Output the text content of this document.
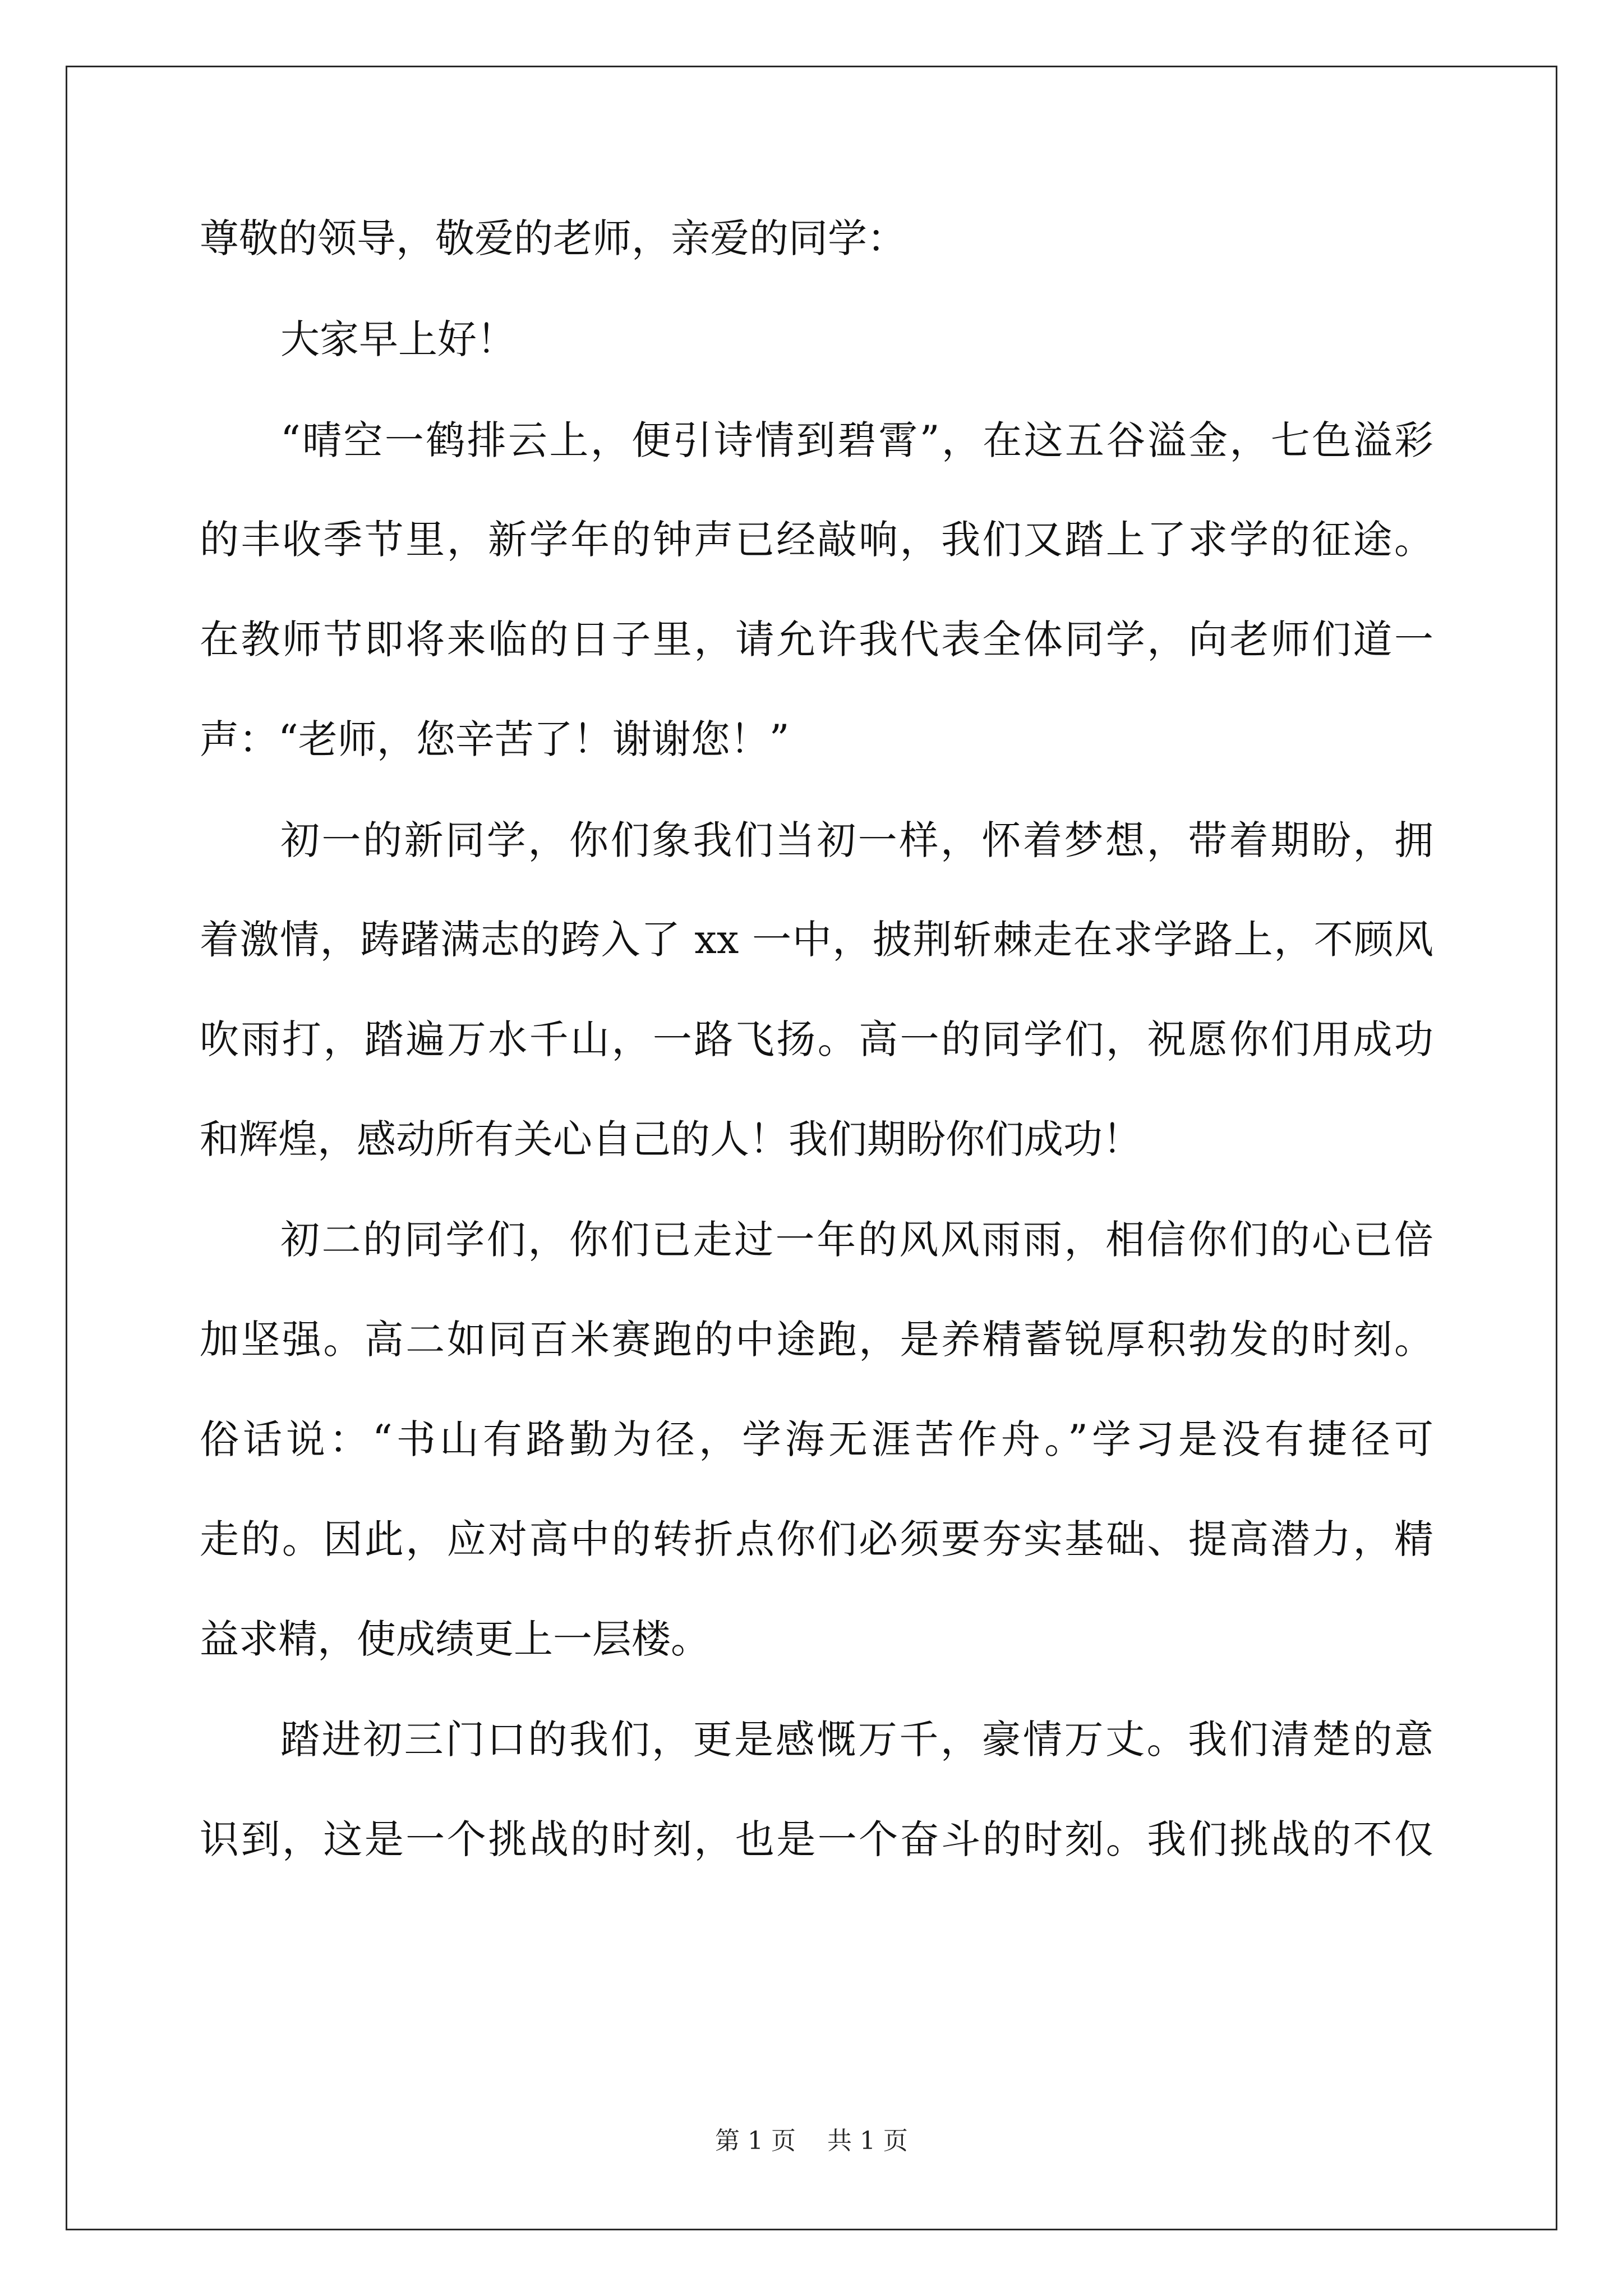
尊敬的领导，敬爱的老师，亲爱的同学：
大家早上好！
“晴空一鹤排云上，便引诗情到碧霄”，在这五谷溢金，七色溢彩
的丰收季节里，新学年的钟声已经敲响，我们又踏上了求学的征途。
在教师节即将来临的日子里，请允许我代表全体同学，向老师们道一
声：“老师，您辛苦了！谢谢您！”
初一的新同学，你们象我们当初一样，怀着梦想，带着期盼，拥
着激情，踌躇满志的跨入了 xx 一中，披荆斩棘走在求学路上，不顾风
吹雨打，踏遍万水千山，一路飞扬。高一的同学们，祝愿你们用成功
和辉煌，感动所有关心自己的人！我们期盼你们成功！
初二的同学们，你们已走过一年的风风雨雨，相信你们的心已倍
加坚强。高二如同百米赛跑的中途跑，是养精蓄锐厚积勃发的时刻。
俗话说：“书山有路勤为径，学海无涯苦作舟。”学习是没有捷径可
走的。因此，应对高中的转折点你们必须要夯实基础、提高潜力，精
益求精，使成绩更上一层楼。
踏进初三门口的我们，更是感慨万千，豪情万丈。我们清楚的意
识到，这是一个挑战的时刻，也是一个奋斗的时刻。我们挑战的不仅
第 1 页    共 1 页
